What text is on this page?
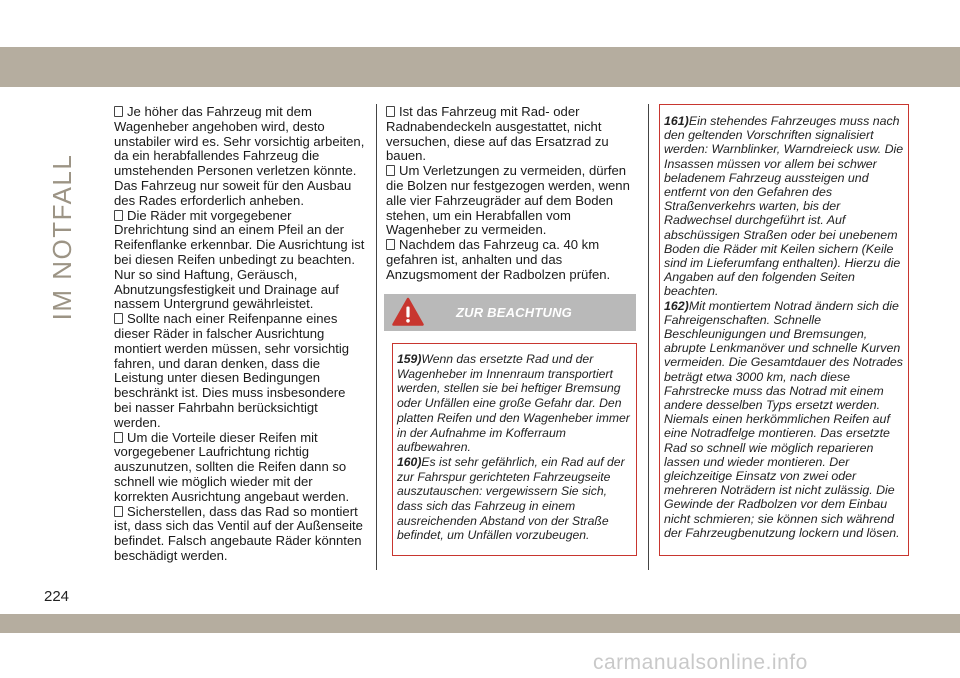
IM NOTFALL

Je höher das Fahrzeug mit dem Wagenheber angehoben wird, desto unstabiler wird es. Sehr vorsichtig arbeiten, da ein herabfallendes Fahrzeug die umstehenden Personen verletzen könnte. Das Fahrzeug nur soweit für den Ausbau des Rades erforderlich anheben.

Die Räder mit vorgegebener Drehrichtung sind an einem Pfeil an der Reifenflanke erkennbar. Die Ausrichtung ist bei diesen Reifen unbedingt zu beachten. Nur so sind Haftung, Geräusch, Abnutzungsfestigkeit und Drainage auf nassem Untergrund gewährleistet.

Sollte nach einer Reifenpanne eines dieser Räder in falscher Ausrichtung montiert werden müssen, sehr vorsichtig fahren, und daran denken, dass die Leistung unter diesen Bedingungen beschränkt ist. Dies muss insbesondere bei nasser Fahrbahn berücksichtigt werden.

Um die Vorteile dieser Reifen mit vorgegebener Laufrichtung richtig auszunutzen, sollten die Reifen dann so schnell wie möglich wieder mit der korrekten Ausrichtung angebaut werden.

Sicherstellen, dass das Rad so montiert ist, dass sich das Ventil auf der Außenseite befindet. Falsch angebaute Räder könnten beschädigt werden.

Ist das Fahrzeug mit Rad- oder Radnabendeckeln ausgestattet, nicht versuchen, diese auf das Ersatzrad zu bauen.

Um Verletzungen zu vermeiden, dürfen die Bolzen nur festgezogen werden, wenn alle vier Fahrzeugräder auf dem Boden stehen, um ein Herabfallen vom Wagenheber zu vermeiden.

Nachdem das Fahrzeug ca. 40 km gefahren ist, anhalten und das Anzugsmoment der Radbolzen prüfen.

ZUR BEACHTUNG

159)Wenn das ersetzte Rad und der Wagenheber im Innenraum transportiert werden, stellen sie bei heftiger Bremsung oder Unfällen eine große Gefahr dar. Den platten Reifen und den Wagenheber immer in der Aufnahme im Kofferraum aufbewahren.

160)Es ist sehr gefährlich, ein Rad auf der zur Fahrspur gerichteten Fahrzeugseite auszutauschen: vergewissern Sie sich, dass sich das Fahrzeug in einem ausreichenden Abstand von der Straße befindet, um Unfällen vorzubeugen.

161)Ein stehendes Fahrzeuges muss nach den geltenden Vorschriften signalisiert werden: Warnblinker, Warndreieck usw. Die Insassen müssen vor allem bei schwer beladenem Fahrzeug aussteigen und entfernt von den Gefahren des Straßenverkehrs warten, bis der Radwechsel durchgeführt ist. Auf abschüssigen Straßen oder bei unebenem Boden die Räder mit Keilen sichern (Keile sind im Lieferumfang enthalten). Hierzu die Angaben auf den folgenden Seiten beachten.

162)Mit montiertem Notrad ändern sich die Fahreigenschaften. Schnelle Beschleunigungen und Bremsungen, abrupte Lenkmanöver und schnelle Kurven vermeiden. Die Gesamtdauer des Notrades beträgt etwa 3000 km, nach diese Fahrstrecke muss das Notrad mit einem andere desselben Typs ersetzt werden. Niemals einen herkömmlichen Reifen auf eine Notradfelge montieren. Das ersetzte Rad so schnell wie möglich reparieren lassen und wieder montieren. Der gleichzeitige Einsatz von zwei oder mehreren Noträdern ist nicht zulässig. Die Gewinde der Radbolzen vor dem Einbau nicht schmieren; sie können sich während der Fahrzeugbenutzung lockern und lösen.

224
carmanualsonline.info
